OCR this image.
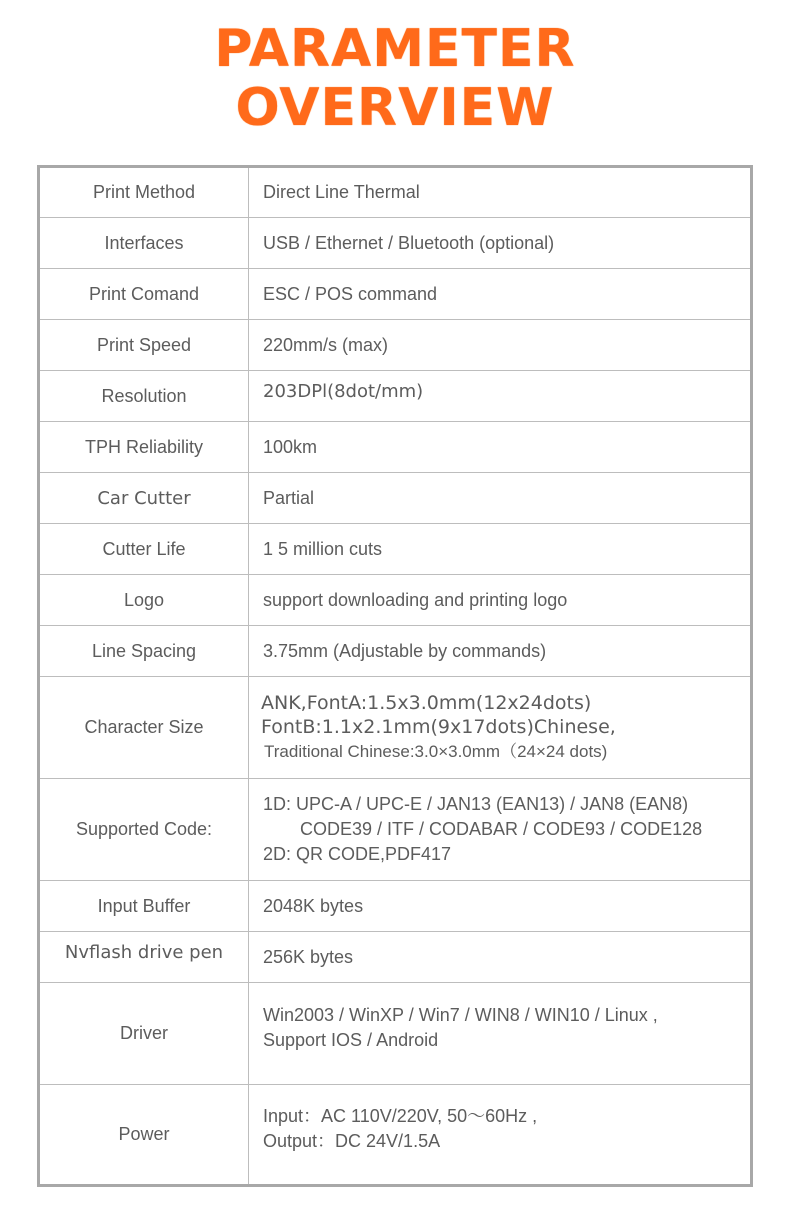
PARAMETER
OVERVIEW
Print Method	Direct Line Thermal

Interfaces	USB / Ethernet / Bluetooth (optional)

Print Comand	ESC / POS command

Print Speed	220mm/s (max)

Resolution	203DPl(8dot/mm)

TPH Reliability	100km

Car Cutter	Partial

Cutter Life	1 5 million cuts

Logo	support downloading and printing logo

Line Spacing	3.75mm (Adjustable by commands)

Character Size	ANK,FontA:1.5x3.0mm(12x24dots)
FontB:1.1x2.1mm(9x17dots)Chinese,
Traditional Chinese:3.0×3.0mm（24×24 dots)

Supported Code:	1D: UPC-A / UPC-E / JAN13 (EAN13) / JAN8 (EAN8)
CODE39 / ITF / CODABAR / CODE93 / CODE128
2D: QR CODE,PDF417

Input Buffer	2048K bytes

Nvflash drive pen	256K bytes

Driver	Win2003 / WinXP / Win7 / WIN8 / WIN10 / Linux ,
Support IOS / Android

Power	Input：AC 110V/220V, 50～60Hz ,
Output：DC 24V/1.5A
